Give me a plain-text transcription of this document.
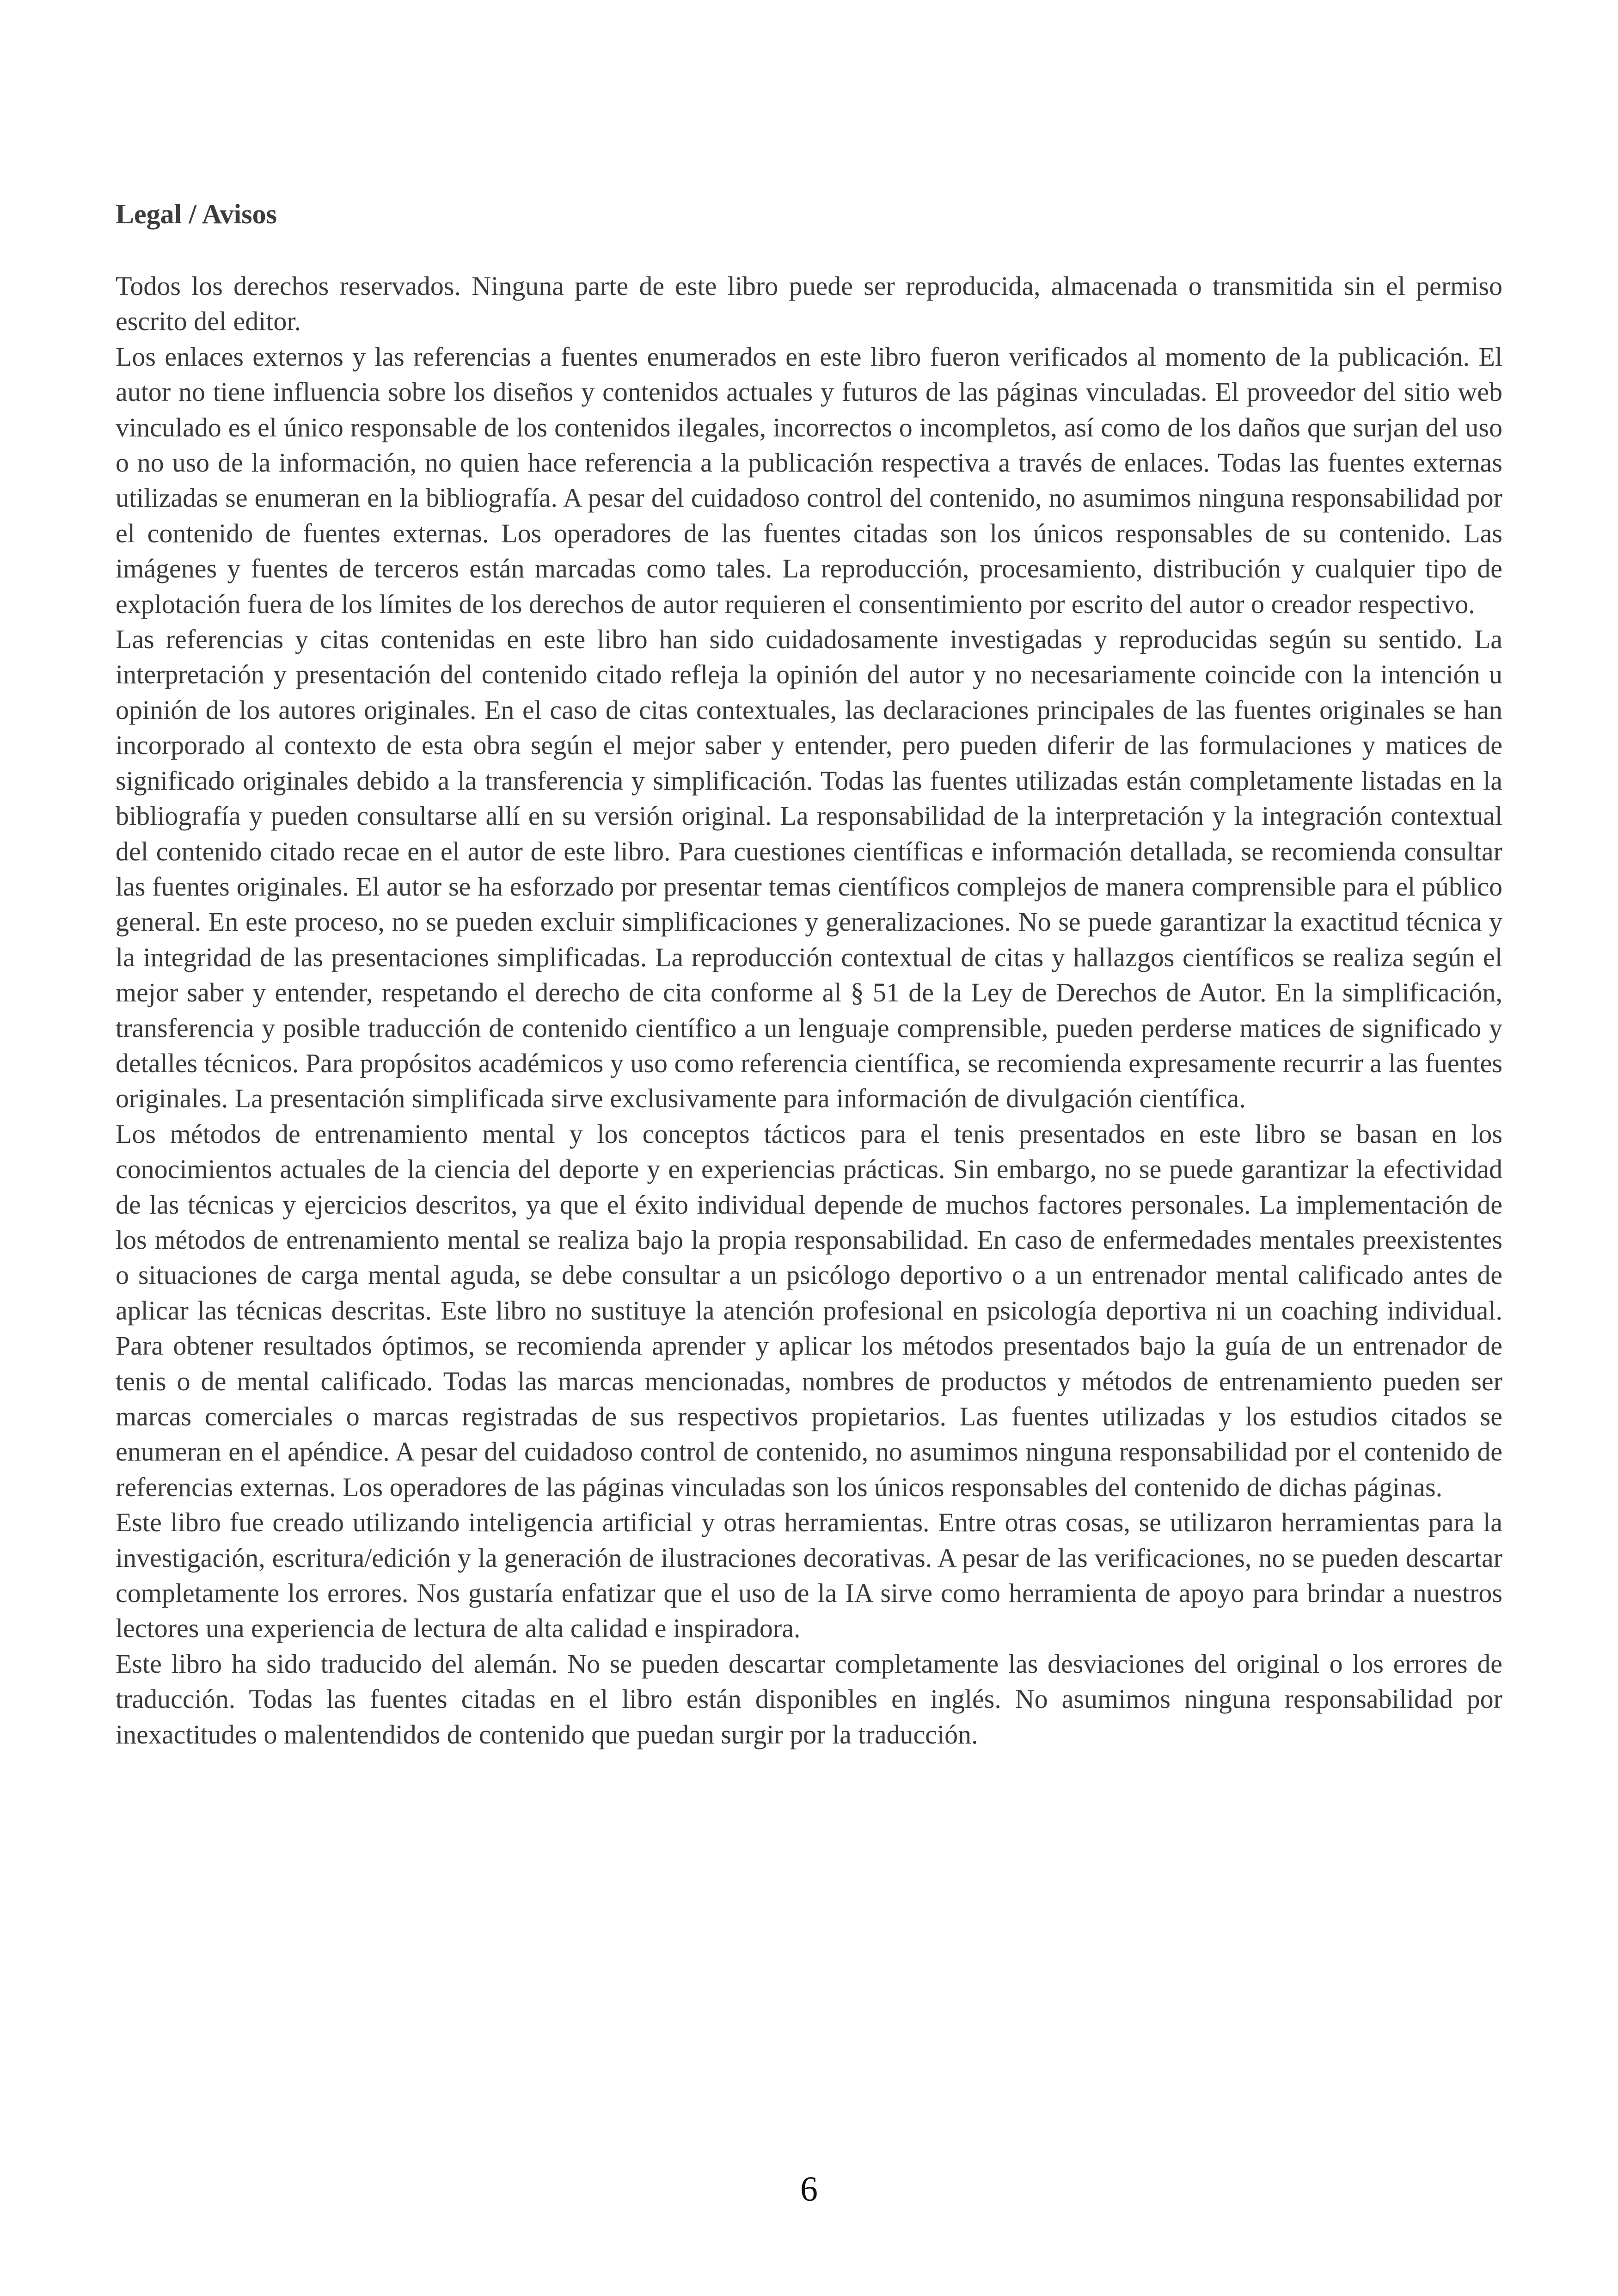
Legal / Avisos

Todos los derechos reservados. Ninguna parte de este libro puede ser reproducida, almacenada o transmitida sin el permiso escrito del editor.

Los enlaces externos y las referencias a fuentes enumerados en este libro fueron verificados al momento de la publicación. El autor no tiene influencia sobre los diseños y contenidos actuales y futuros de las páginas vinculadas. El proveedor del sitio web vinculado es el único responsable de los contenidos ilegales, incorrectos o incompletos, así como de los daños que surjan del uso o no uso de la información, no quien hace referencia a la publicación respectiva a través de enlaces. Todas las fuentes externas utilizadas se enumeran en la bibliografía. A pesar del cuidadoso control del contenido, no asumimos ninguna responsabilidad por el contenido de fuentes externas. Los operadores de las fuentes citadas son los únicos responsables de su contenido. Las imágenes y fuentes de terceros están marcadas como tales. La reproducción, procesamiento, distribución y cualquier tipo de explotación fuera de los límites de los derechos de autor requieren el consentimiento por escrito del autor o creador respectivo.

Las referencias y citas contenidas en este libro han sido cuidadosamente investigadas y reproducidas según su sentido. La interpretación y presentación del contenido citado refleja la opinión del autor y no necesariamente coincide con la intención u opinión de los autores originales. En el caso de citas contextuales, las declaraciones principales de las fuentes originales se han incorporado al contexto de esta obra según el mejor saber y entender, pero pueden diferir de las formulaciones y matices de significado originales debido a la transferencia y simplificación. Todas las fuentes utilizadas están completamente listadas en la bibliografía y pueden consultarse allí en su versión original. La responsabilidad de la interpretación y la integración contextual del contenido citado recae en el autor de este libro. Para cuestiones científicas e información detallada, se recomienda consultar las fuentes originales. El autor se ha esforzado por presentar temas científicos complejos de manera comprensible para el público general. En este proceso, no se pueden excluir simplificaciones y generalizaciones. No se puede garantizar la exactitud técnica y la integridad de las presentaciones simplificadas. La reproducción contextual de citas y hallazgos científicos se realiza según el mejor saber y entender, respetando el derecho de cita conforme al § 51 de la Ley de Derechos de Autor. En la simplificación, transferencia y posible traducción de contenido científico a un lenguaje comprensible, pueden perderse matices de significado y detalles técnicos. Para propósitos académicos y uso como referencia científica, se recomienda expresamente recurrir a las fuentes originales. La presentación simplificada sirve exclusivamente para información de divulgación científica.

Los métodos de entrenamiento mental y los conceptos tácticos para el tenis presentados en este libro se basan en los conocimientos actuales de la ciencia del deporte y en experiencias prácticas. Sin embargo, no se puede garantizar la efectividad de las técnicas y ejercicios descritos, ya que el éxito individual depende de muchos factores personales. La implementación de los métodos de entrenamiento mental se realiza bajo la propia responsabilidad. En caso de enfermedades mentales preexistentes o situaciones de carga mental aguda, se debe consultar a un psicólogo deportivo o a un entrenador mental calificado antes de aplicar las técnicas descritas. Este libro no sustituye la atención profesional en psicología deportiva ni un coaching individual. Para obtener resultados óptimos, se recomienda aprender y aplicar los métodos presentados bajo la guía de un entrenador de tenis o de mental calificado. Todas las marcas mencionadas, nombres de productos y métodos de entrenamiento pueden ser marcas comerciales o marcas registradas de sus respectivos propietarios. Las fuentes utilizadas y los estudios citados se enumeran en el apéndice. A pesar del cuidadoso control de contenido, no asumimos ninguna responsabilidad por el contenido de referencias externas. Los operadores de las páginas vinculadas son los únicos responsables del contenido de dichas páginas.

Este libro fue creado utilizando inteligencia artificial y otras herramientas. Entre otras cosas, se utilizaron herramientas para la investigación, escritura/edición y la generación de ilustraciones decorativas. A pesar de las verificaciones, no se pueden descartar completamente los errores. Nos gustaría enfatizar que el uso de la IA sirve como herramienta de apoyo para brindar a nuestros lectores una experiencia de lectura de alta calidad e inspiradora.

Este libro ha sido traducido del alemán. No se pueden descartar completamente las desviaciones del original o los errores de traducción. Todas las fuentes citadas en el libro están disponibles en inglés. No asumimos ninguna responsabilidad por inexactitudes o malentendidos de contenido que puedan surgir por la traducción.

6
